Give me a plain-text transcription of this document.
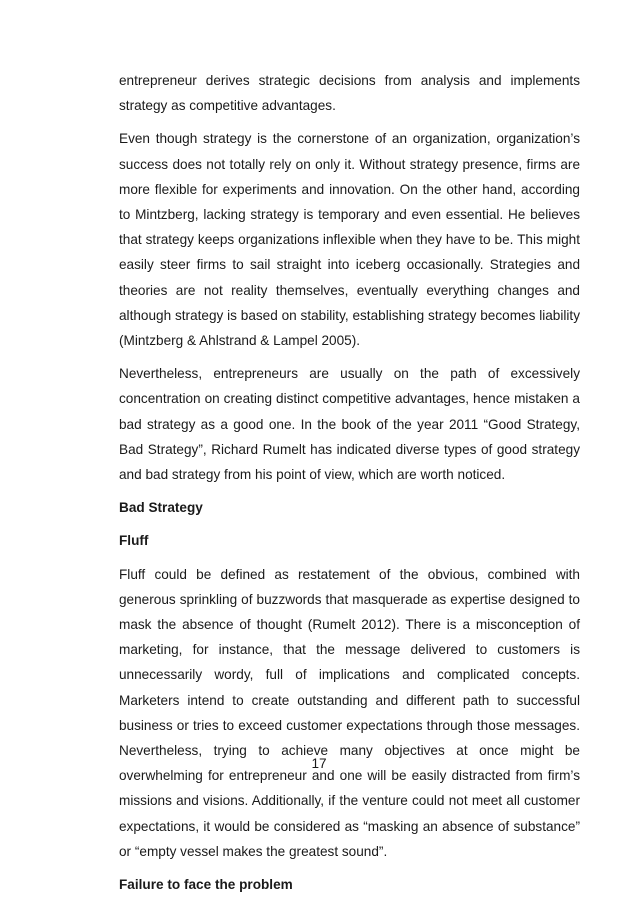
entrepreneur derives strategic decisions from analysis and implements strategy as competitive advantages.

Even though strategy is the cornerstone of an organization, organization’s success does not totally rely on only it. Without strategy presence, firms are more flexible for experiments and innovation. On the other hand, according to Mintzberg, lacking strategy is temporary and even essential. He believes that strategy keeps organizations inflexible when they have to be. This might easily steer firms to sail straight into iceberg occasionally. Strategies and theories are not reality themselves, eventually everything changes and although strategy is based on stability, establishing strategy becomes liability (Mintzberg & Ahlstrand & Lampel 2005).

Nevertheless, entrepreneurs are usually on the path of excessively concentration on creating distinct competitive advantages, hence mistaken a bad strategy as a good one. In the book of the year 2011 “Good Strategy, Bad Strategy”, Richard Rumelt has indicated diverse types of good strategy and bad strategy from his point of view, which are worth noticed.

Bad Strategy
Fluff

Fluff could be defined as restatement of the obvious, combined with generous sprinkling of buzzwords that masquerade as expertise designed to mask the absence of thought (Rumelt 2012). There is a misconception of marketing, for instance, that the message delivered to customers is unnecessarily wordy, full of implications and complicated concepts. Marketers intend to create outstanding and different path to successful business or tries to exceed customer expectations through those messages. Nevertheless, trying to achieve many objectives at once might be overwhelming for entrepreneur and one will be easily distracted from firm’s missions and visions. Additionally, if the venture could not meet all customer expectations, it would be considered as “masking an absence of substance” or “empty vessel makes the greatest sound”.

Failure to face the problem
17
